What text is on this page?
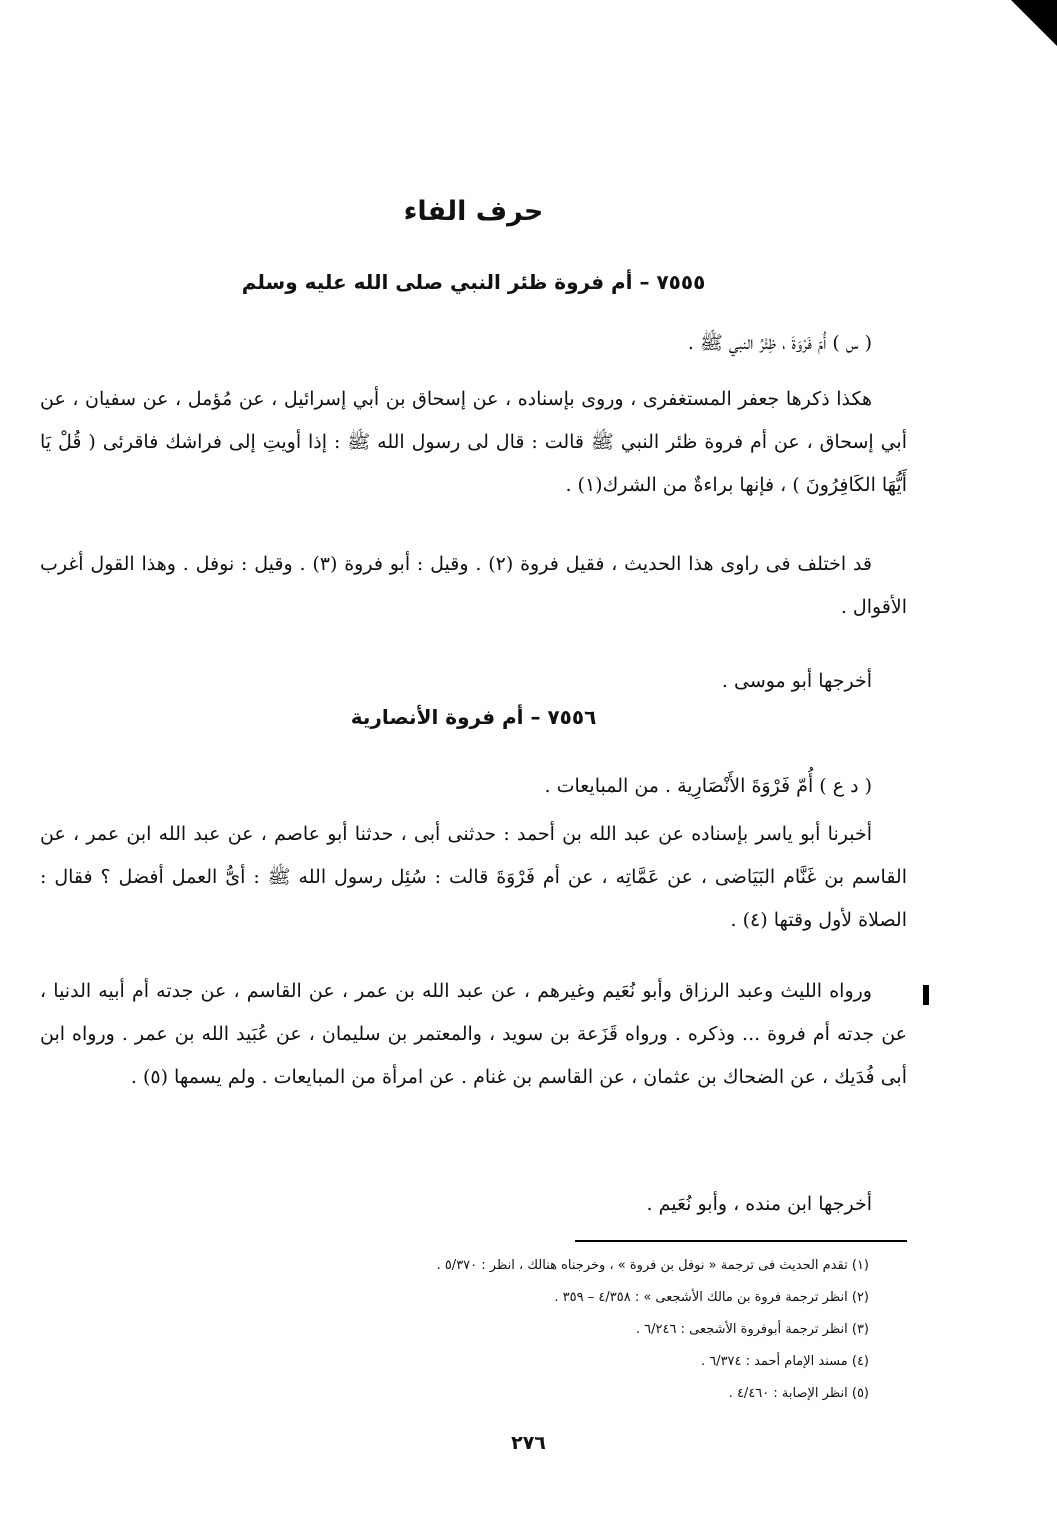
حرف الفاء
٧٥٥٥ – أم فروة ظئر النبي صلى الله عليه وسلم
( س ) أُمّ فَرْوَةَ ، ظِئْرُ النبي ﷺ .
هكذا ذكرها جعفر المستغفرى ، وروى بإسناده ، عن إسحاق بن أبي إسرائيل ، عن مُؤمل ، عن سفيان ، عن أبي إسحاق ، عن أم فروة ظئر النبي ﷺ قالت : قال لى رسول الله ﷺ : إذا أويتِ إلى فراشك فاقرئى ( قُلْ يَا أَيُّهَا الكَافِرُونَ ) ، فإنها براءةٌ من الشرك(١) .
قد اختلف فى راوى هذا الحديث ، فقيل فروة (٢) . وقيل : أبو فروة (٣) . وقيل : نوفل . وهذا القول أغرب الأقوال .
أخرجها أبو موسى .
٧٥٥٦ – أم فروة الأنصارية
( د ع ) أُمّ فَرْوَةَ الأَنْصَارِية . من المبايعات .
أخبرنا أبو ياسر بإسناده عن عبد الله بن أحمد : حدثنى أبى ، حدثنا أبو عاصم ، عن عبد الله ابن عمر ، عن القاسم بن غَنَّام البَيَاضى ، عن عَمَّاتِه ، عن أم فَرْوَةَ قالت : سُئِل رسول الله ﷺ : أىُّ العمل أفضل ؟ فقال : الصلاة لأول وقتها (٤) .
ورواه الليث وعبد الرزاق وأبو نُعَيم وغيرهم ، عن عبد الله بن عمر ، عن القاسم ، عن جدته أم أبيه الدنيا ، عن جدته أم فروة ... وذكره . ورواه قَزَعة بن سويد ، والمعتمر بن سليمان ، عن عُبَيد الله بن عمر . ورواه ابن أبى فُدَيك ، عن الضحاك بن عثمان ، عن القاسم بن غنام . عن امرأة من المبايعات . ولم يسمها (٥) .
أخرجها ابن منده ، وأبو نُعَيم .
(١) تقدم الحديث فى ترجمة « نوفل بن فروة » ، وخرجناه هنالك ، انظر : ٥/٣٧٠ .
(٢) انظر ترجمة فروة بن مالك الأشجعى » : ٤/٣٥٨ – ٣٥٩ .
(٣) انظر ترجمة أبوفروة الأشجعى : ٦/٢٤٦ .
(٤) مسند الإمام أحمد : ٦/٣٧٤ .
(٥) انظر الإصابة : ٤/٤٦٠ .
٢٧٦
